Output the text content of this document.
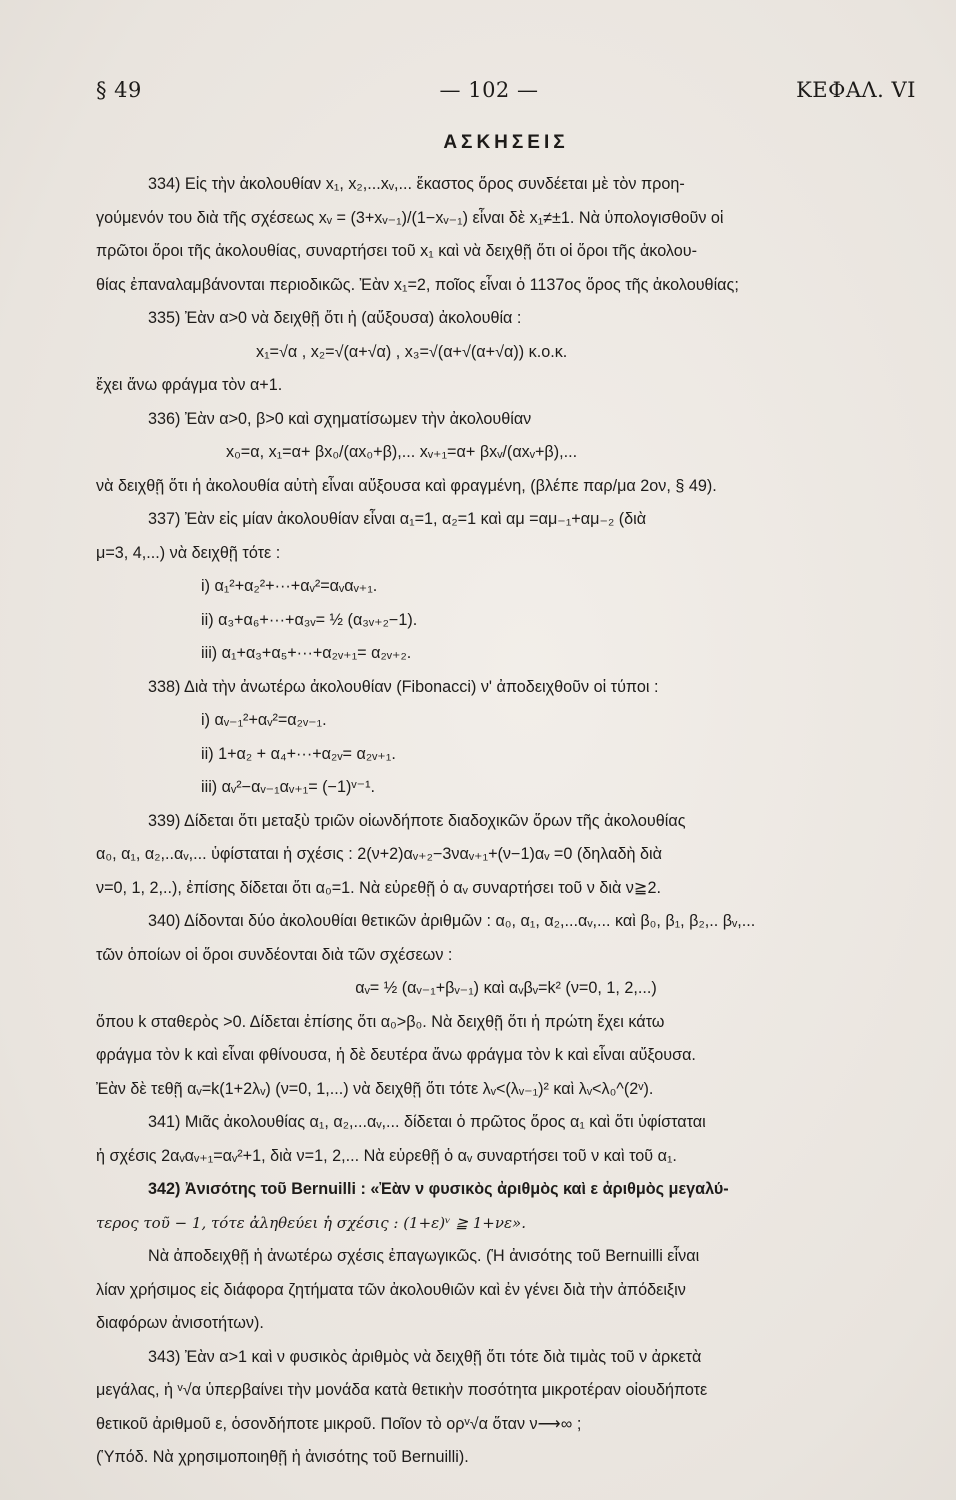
§ 49	— 102 —	ΚΕΦΑΛ. VI
ΑΣΚΗΣΕΙΣ

334) Εἰς τὴν ἀκολουθίαν x₁, x₂,...xᵥ,... ἕκαστος ὅρος συνδέεται μὲ τὸν προη-

γούμενόν του διὰ τῆς σχέσεως xᵥ = (3+xᵥ₋₁)/(1−xᵥ₋₁) εἶναι δὲ x₁≠±1. Νὰ ὑπολογισθοῦν οἱ

πρῶτοι ὅροι τῆς ἀκολουθίας, συναρτήσει τοῦ x₁ καὶ νὰ δειχθῇ ὅτι οἱ ὅροι τῆς ἀκολου-

θίας ἐπαναλαμβάνονται περιοδικῶς. Ἐὰν x₁=2, ποῖος εἶναι ὁ 1137ος ὅρος τῆς ἀκολουθίας;

335) Ἐὰν α>0 νὰ δειχθῇ ὅτι ἡ (αὔξουσα) ἀκολουθία :

x₁=√α , x₂=√(α+√α) , x₃=√(α+√(α+√α)) κ.ο.κ.

ἔχει ἄνω φράγμα τὸν α+1.

336) Ἐὰν α>0, β>0 καὶ σχηματίσωμεν τὴν ἀκολουθίαν

x₀=α, x₁=α+ βx₀/(αx₀+β),... xᵥ₊₁=α+ βxᵥ/(αxᵥ+β),...

νὰ δειχθῇ ὅτι ἡ ἀκολουθία αὐτὴ εἶναι αὔξουσα καὶ φραγμένη, (βλέπε παρ/μα 2ον, § 49).

337) Ἐὰν εἰς μίαν ἀκολουθίαν εἶναι α₁=1, α₂=1 καὶ αμ =αμ₋₁+αμ₋₂ (διὰ

μ=3, 4,...) νὰ δειχθῇ τότε :

i) α₁²+α₂²+···+αᵥ²=αᵥαᵥ₊₁.

ii) α₃+α₆+···+α₃ᵥ= ½ (α₃ᵥ₊₂−1).

iii) α₁+α₃+α₅+···+α₂ᵥ₊₁= α₂ᵥ₊₂.

338) Διὰ τὴν ἀνωτέρω ἀκολουθίαν (Fibonacci) ν' ἀποδειχθοῦν οἱ τύποι :

i) αᵥ₋₁²+αᵥ²=α₂ᵥ₋₁.

ii) 1+α₂ + α₄+···+α₂ᵥ= α₂ᵥ₊₁.

iii) αᵥ²−αᵥ₋₁αᵥ₊₁= (−1)ᵛ⁻¹.

339) Δίδεται ὅτι μεταξὺ τριῶν οἱωνδήποτε διαδοχικῶν ὅρων τῆς ἀκολουθίας

α₀, α₁, α₂,..αᵥ,... ὑφίσταται ἡ σχέσις : 2(ν+2)αᵥ₊₂−3ναᵥ₊₁+(ν−1)αᵥ =0 (δηλαδὴ διὰ

ν=0, 1, 2,..), ἐπίσης δίδεται ὅτι α₀=1. Νὰ εὑρεθῇ ὁ αᵥ συναρτήσει τοῦ ν διὰ ν≧2.

340) Δίδονται δύο ἀκολουθίαι θετικῶν ἀριθμῶν : α₀, α₁, α₂,...αᵥ,... καὶ β₀, β₁, β₂,.. βᵥ,...

τῶν ὁποίων οἱ ὅροι συνδέονται διὰ τῶν σχέσεων :

αᵥ= ½ (αᵥ₋₁+βᵥ₋₁) καὶ αᵥβᵥ=k² (ν=0, 1, 2,...)

ὅπου k σταθερὸς >0. Δίδεται ἐπίσης ὅτι α₀>β₀. Νὰ δειχθῇ ὅτι ἡ πρώτη ἔχει κάτω

φράγμα τὸν k καὶ εἶναι φθίνουσα, ἡ δὲ δευτέρα ἄνω φράγμα τὸν k καὶ εἶναι αὔξουσα.

Ἐὰν δὲ τεθῇ αᵥ=k(1+2λᵥ) (ν=0, 1,...) νὰ δειχθῇ ὅτι τότε λᵥ<(λᵥ₋₁)² καὶ λᵥ<λ₀^(2ᵛ).

341) Μιᾶς ἀκολουθίας α₁, α₂,...αᵥ,... δίδεται ὁ πρῶτος ὅρος α₁ καὶ ὅτι ὑφίσταται

ἡ σχέσις 2αᵥαᵥ₊₁=αᵥ²+1, διὰ ν=1, 2,... Νὰ εὑρεθῇ ὁ αᵥ συναρτήσει τοῦ ν καὶ τοῦ α₁.

342) Ἀνισότης τοῦ Bernuilli : «Ἐὰν ν φυσικὸς ἀριθμὸς καὶ ε ἀριθμὸς μεγαλύ-

τερος τοῦ − 1, τότε ἀληθεύει ἡ σχέσις : (1+ε)ᵛ ≧ 1+νε».

Νὰ ἀποδειχθῇ ἡ ἀνωτέρω σχέσις ἐπαγωγικῶς. (Ἡ ἀνισότης τοῦ Bernuilli εἶναι

λίαν χρήσιμος εἰς διάφορα ζητήματα τῶν ἀκολουθιῶν καὶ ἐν γένει διὰ τὴν ἀπόδειξιν

διαφόρων ἀνισοτήτων).

343) Ἐὰν α>1 καὶ ν φυσικὸς ἀριθμὸς νὰ δειχθῇ ὅτι τότε διὰ τιμὰς τοῦ ν ἀρκετὰ

μεγάλας, ἡ ᵛ√α ὑπερβαίνει τὴν μονάδα κατὰ θετικὴν ποσότητα μικροτέραν οἱουδήποτε

θετικοῦ ἀριθμοῦ ε, ὁσονδήποτε μικροῦ. Ποῖον τὸ ορᵛ√α ὅταν ν⟶∞ ;

(Ὑπόδ. Νὰ χρησιμοποιηθῇ ἡ ἀνισότης τοῦ Bernuilli).
